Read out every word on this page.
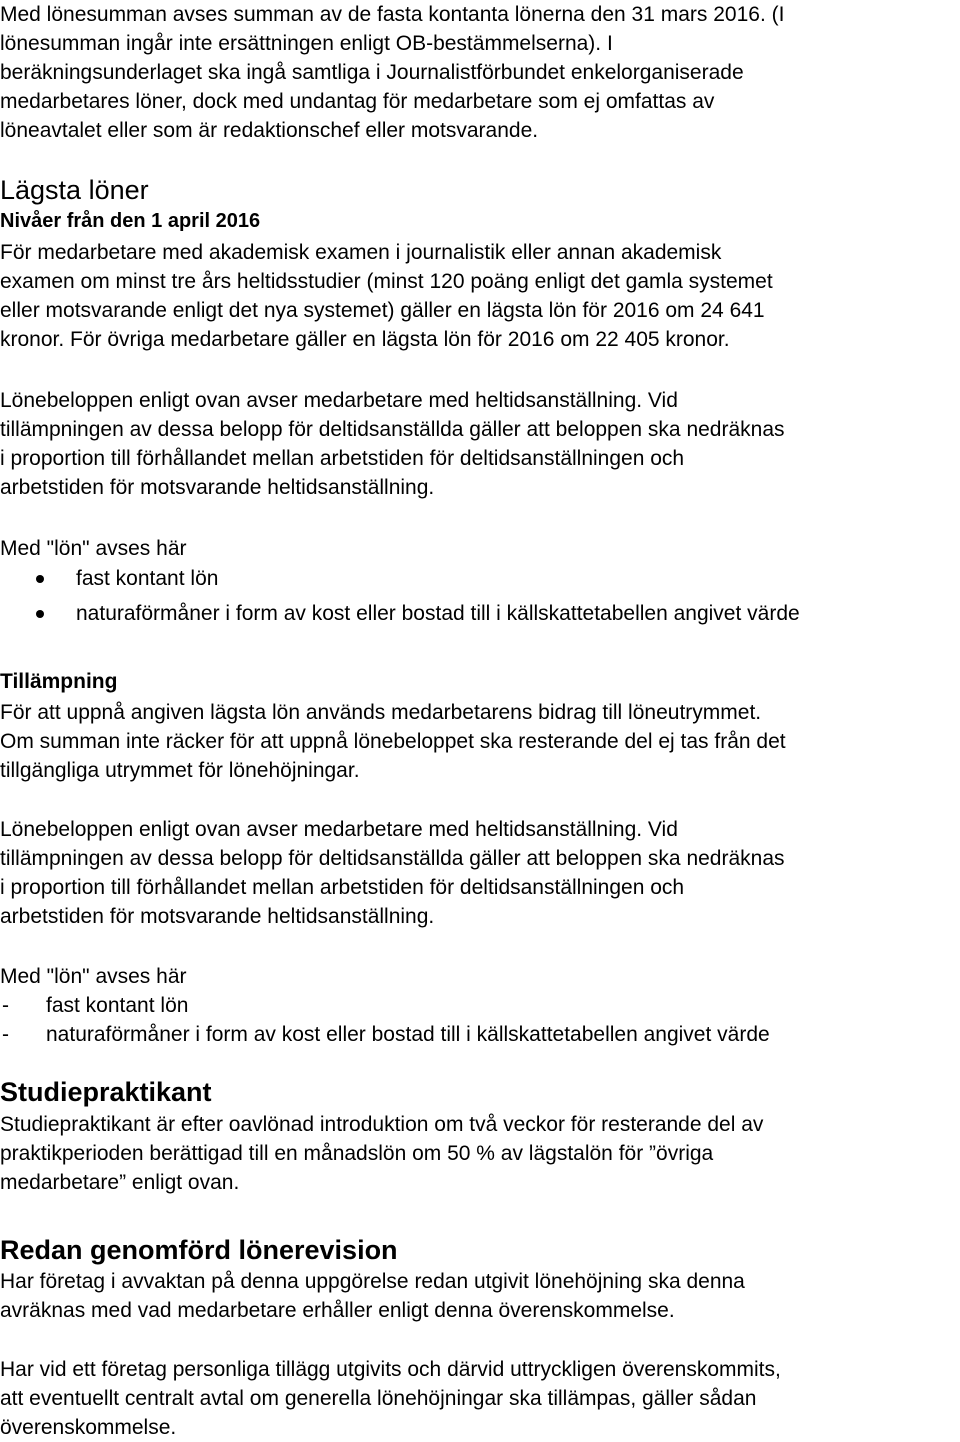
Med lönesumman avses summan av de fasta kontanta lönerna den 31 mars 2016. (I
lönesumman ingår inte ersättningen enligt OB-bestämmelserna). I
beräkningsunderlaget ska ingå samtliga i Journalistförbundet enkelorganiserade
medarbetares löner, dock med undantag för medarbetare som ej omfattas av
löneavtalet eller som är redaktionschef eller motsvarande.
Lägsta löner
Nivåer från den 1 april 2016
För medarbetare med akademisk examen i journalistik eller annan akademisk
examen om minst tre års heltidsstudier (minst 120 poäng enligt det gamla systemet
eller motsvarande enligt det nya systemet) gäller en lägsta lön för 2016 om 24 641
kronor. För övriga medarbetare gäller en lägsta lön för 2016 om 22 405 kronor.
Lönebeloppen enligt ovan avser medarbetare med heltidsanställning. Vid
tillämpningen av dessa belopp för deltidsanställda gäller att beloppen ska nedräknas
i proportion till förhållandet mellan arbetstiden för deltidsanställningen och
arbetstiden för motsvarande heltidsanställning.
Med "lön" avses här
fast kontant lön
naturaförmåner i form av kost eller bostad till i källskattetabellen angivet värde
Tillämpning
För att uppnå angiven lägsta lön används medarbetarens bidrag till löneutrymmet.
Om summan inte räcker för att uppnå lönebeloppet ska resterande del ej tas från det
tillgängliga utrymmet för lönehöjningar.
Lönebeloppen enligt ovan avser medarbetare med heltidsanställning. Vid
tillämpningen av dessa belopp för deltidsanställda gäller att beloppen ska nedräknas
i proportion till förhållandet mellan arbetstiden för deltidsanställningen och
arbetstiden för motsvarande heltidsanställning.
Med "lön" avses här
- fast kontant lön
- naturaförmåner i form av kost eller bostad till i källskattetabellen angivet värde
Studiepraktikant
Studiepraktikant är efter oavlönad introduktion om två veckor för resterande del av
praktikperioden berättigad till en månadslön om 50 % av lägstalön för ”övriga
medarbetare” enligt ovan.
Redan genomförd lönerevision
Har företag i avvaktan på denna uppgörelse redan utgivit lönehöjning ska denna
avräknas med vad medarbetare erhåller enligt denna överenskommelse.
Har vid ett företag personliga tillägg utgivits och därvid uttryckligen överenskommits,
att eventuellt centralt avtal om generella lönehöjningar ska tillämpas, gäller sådan
överenskommelse.
